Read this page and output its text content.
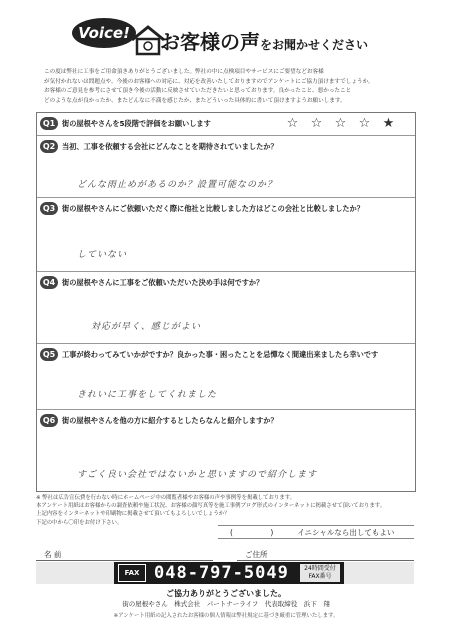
Voice!	お客様の声をお聞かせください
この度は弊社に工事をご用命頂きありがとうございました。弊社の中に点検項目やサービスにご要望などお客様
が気付かれないは問題点や、今後のお客様への対応に、対応を改善いたしておりますのでアンケートにご協力頂けますでしょうか。
お客様のご意見を参考にさせて頂き今後の活動に反映させていただきたいと思っております。良かったこと、悪かったこと
どのような点が良かったか、またどんなに不満を感じたか、またどういった具体的に書いて頂けますようお願いします。
Q1 街の屋根やさんを5段階で評価をお願いします	☆ ☆ ☆ ☆ ★
Q2 当初、工事を依頼する会社にどんなことを期待されていましたか？
どんな雨止めがあるのか？設置可能なのか？
Q3 街の屋根やさんにご依頼いただく際に他社と比較しました方はどこの会社と比較しましたか？
していない
Q4 街の屋根やさんに工事をご依頼いただいた決め手は何ですか？
対応が早く、感じがよい
Q5 工事が終わってみていかがですか？良かった事・困ったことを忌憚なく間違出来ましたら幸いです
きれいに工事をしてくれました
Q6 街の屋根やさんを他の方に紹介するとしたらなんと紹介しますか？
すごく良い会社ではないかと思いますので紹介します
※ 弊社は広告宣伝費を行わない時にホームページ中の閲覧者様やお客様の声や事例等を掲載しております。
本アンケート用紙はお客様からの調査依頼や施工状況、お客様の顔写真等を施工事例ブログ形式のインターネットに掲載させて頂いております。
上記内容をインターネットや印刷物に掲載させて頂いてもよろしいでしょうか？
下記の中から〇印をお付け下さい。
(　　　　　)	イニシャルなら出してもよい
名 前	ご住所
FAX 048-797-5049	24時間受付
FAX番号
ご協力ありがとうございました。
街の屋根やさん　株式会社　パートナーライフ　代表取締役　浜下　翔
※アンケート用紙の記入されたお客様の個人情報は弊社規定に基づき厳重に管理いたします。
